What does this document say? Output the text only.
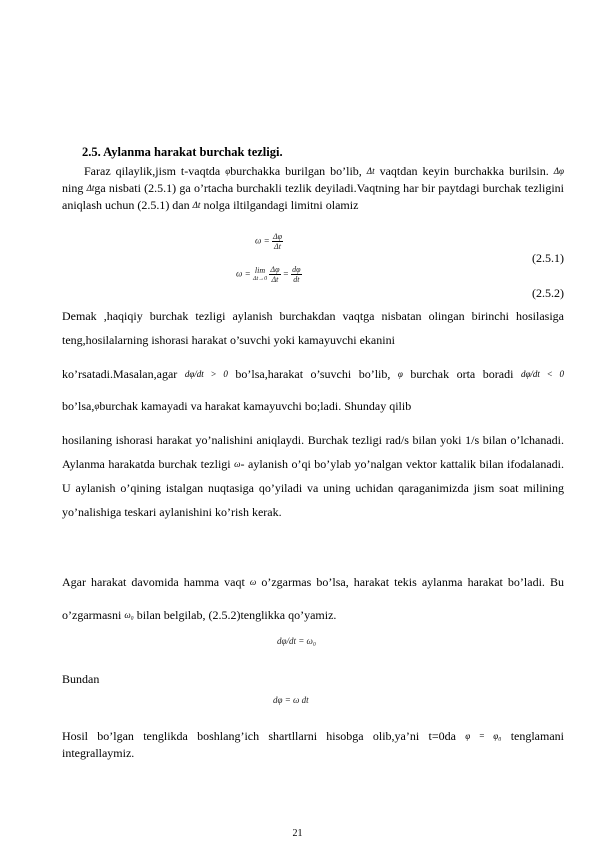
2.5. Aylanma harakat burchak tezligi.
Faraz qilaylik,jism t-vaqtda φburchakka burilgan bo’lib, Δt vaqtdan keyin burchakka burilsin. Δφ ning Δtga nisbati (2.5.1) ga o’rtacha burchakli tezlik deyiladi.Vaqtning har bir paytdagi burchak tezligini aniqlash uchun (2.5.1) dan Δt nolga iltilgandagi limitni olamiz
$\omega = \frac{\Delta\varphi}{\Delta t}$
(2.5.1)
ω = lim
Δt→0
$\frac{\Delta\varphi}{\Delta t} = \frac{d\varphi}{dt}$
(2.5.2)
Demak ,haqiqiy burchak tezligi aylanish burchakdan vaqtga nisbatan olingan birinchi hosilasiga teng,hosilalarning ishorasi harakat o’suvchi yoki kamayuvchi ekanini
ko’rsatadi.Masalan,agar dφ/dt > 0 bo’lsa,harakat o’suvchi bo’lib, φ burchak orta boradi dφ/dt < 0 bo’lsa,φburchak kamayadi va harakat kamayuvchi bo;ladi. Shunday qilib
hosilaning ishorasi harakat yo’nalishini aniqlaydi. Burchak tezligi rad/s bilan yoki 1/s bilan o’lchanadi. Aylanma harakatda burchak tezligi ω- aylanish o’qi bo’ylab yo’nalgan vektor kattalik bilan ifodalanadi. U aylanish o’qining istalgan nuqtasiga qo’yiladi va uning uchidan qaraganimizda jism soat milining yo’nalishiga teskari aylanishini ko’rish kerak.
Agar harakat davomida hamma vaqt ω o’zgarmas bo’lsa, harakat tekis aylanma harakat bo’ladi. Bu o’zgarmasni ω₀ bilan belgilab, (2.5.2)tenglikka qo’yamiz.
dφ/dt = ω₀
Bundan
dφ = ω dt
Hosil bo’lgan tenglikda boshlang’ich shartllarni hisobga olib,ya’ni t=0da φ = φ₀ tenglamani integrallaymiz.
21
